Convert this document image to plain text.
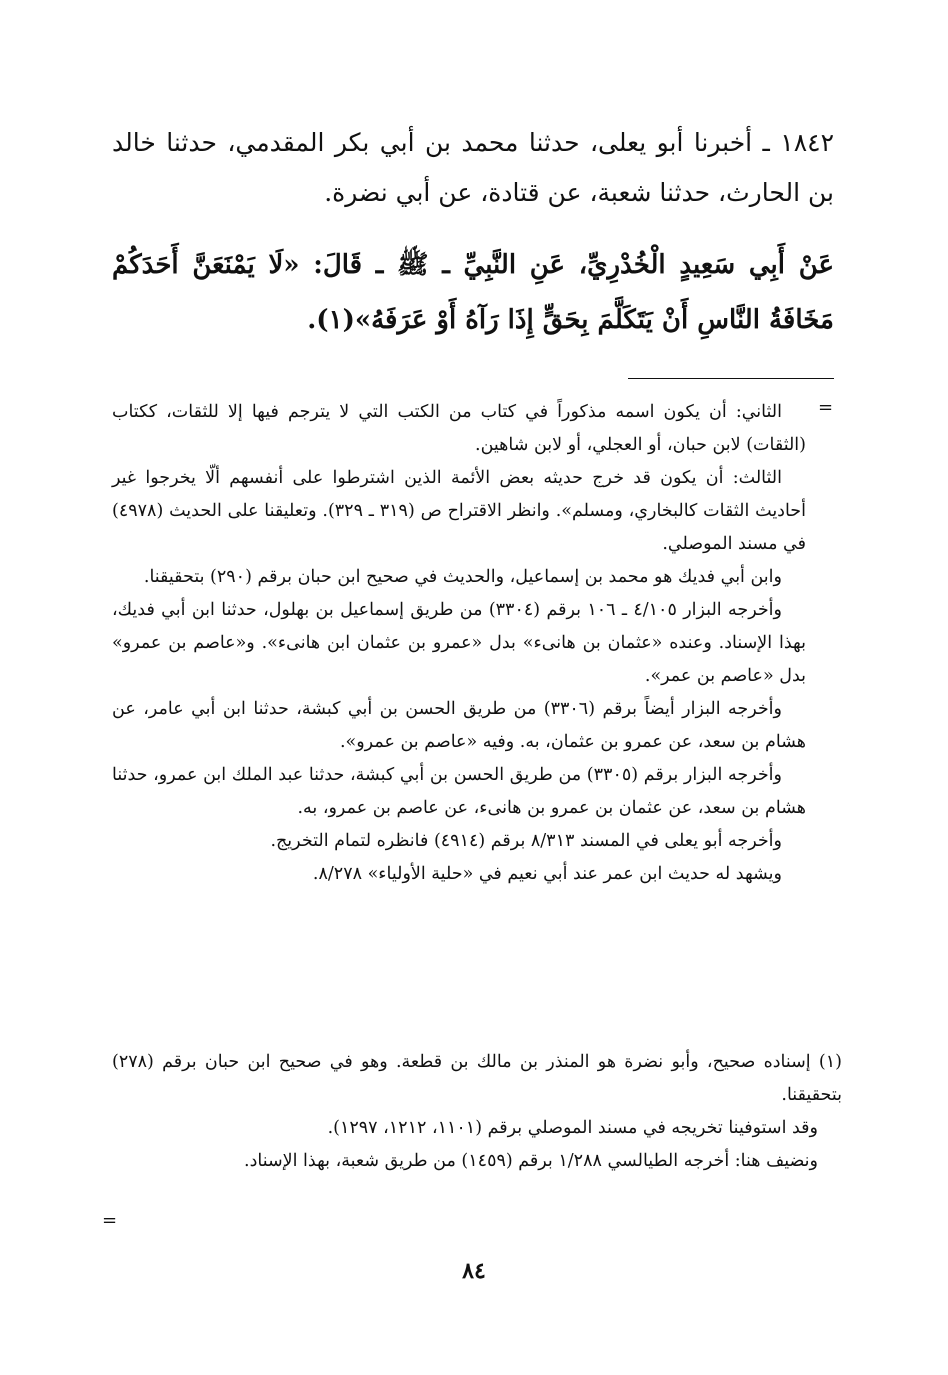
١٨٤٢ ـ أخبرنا أبو يعلى، حدثنا محمد بن أبي بكر المقدمي، حدثنا خالد بن الحارث، حدثنا شعبة، عن قتادة، عن أبي نضرة.

عَنْ أَبِي سَعِيدٍ الْخُدْرِيِّ، عَنِ النَّبِيِّ ـ ﷺ ـ قَالَ: «لَا يَمْنَعَنَّ أَحَدَكُمْ مَخَافَةُ النَّاسِ أَنْ يَتَكَلَّمَ بِحَقٍّ إِذَا رَآهُ أَوْ عَرَفَهُ»(١).

=

الثاني: أن يكون اسمه مذكوراً في كتاب من الكتب التي لا يترجم فيها إلا للثقات، ككتاب (الثقات) لابن حبان، أو العجلي، أو لابن شاهين.

الثالث: أن يكون قد خرج حديثه بعض الأئمة الذين اشترطوا على أنفسهم ألّا يخرجوا غير أحاديث الثقات كالبخاري، ومسلم». وانظر الاقتراح ص (٣١٩ ـ ٣٢٩). وتعليقنا على الحديث (٤٩٧٨) في مسند الموصلي.

وابن أبي فديك هو محمد بن إسماعيل، والحديث في صحيح ابن حبان برقم (٢٩٠) بتحقيقنا.

وأخرجه البزار ٤/١٠٥ ـ ١٠٦ برقم (٣٣٠٤) من طريق إسماعيل بن بهلول، حدثنا ابن أبي فديك، بهذا الإسناد. وعنده «عثمان بن هانىء» بدل «عمرو بن عثمان ابن هانىء». و«عاصم بن عمرو» بدل «عاصم بن عمر».

وأخرجه البزار أيضاً برقم (٣٣٠٦) من طريق الحسن بن أبي كبشة، حدثنا ابن أبي عامر، عن هشام بن سعد، عن عمرو بن عثمان، به. وفيه «عاصم بن عمرو».

وأخرجه البزار برقم (٣٣٠٥) من طريق الحسن بن أبي كبشة، حدثنا عبد الملك ابن عمرو، حدثنا هشام بن سعد، عن عثمان بن عمرو بن هانىء، عن عاصم بن عمرو، به.

وأخرجه أبو يعلى في المسند ٨/٣١٣ برقم (٤٩١٤) فانظره لتمام التخريج.

ويشهد له حديث ابن عمر عند أبي نعيم في «حلية الأولياء» ٨/٢٧٨.

(١) إسناده صحيح، وأبو نضرة هو المنذر بن مالك بن قطعة. وهو في صحيح ابن حبان برقم (٢٧٨) بتحقيقنا.

وقد استوفينا تخريجه في مسند الموصلي برقم (١١٠١، ١٢١٢، ١٢٩٧).

ونضيف هنا: أخرجه الطيالسي ١/٢٨٨ برقم (١٤٥٩) من طريق شعبة، بهذا الإسناد.

=
٨٤
